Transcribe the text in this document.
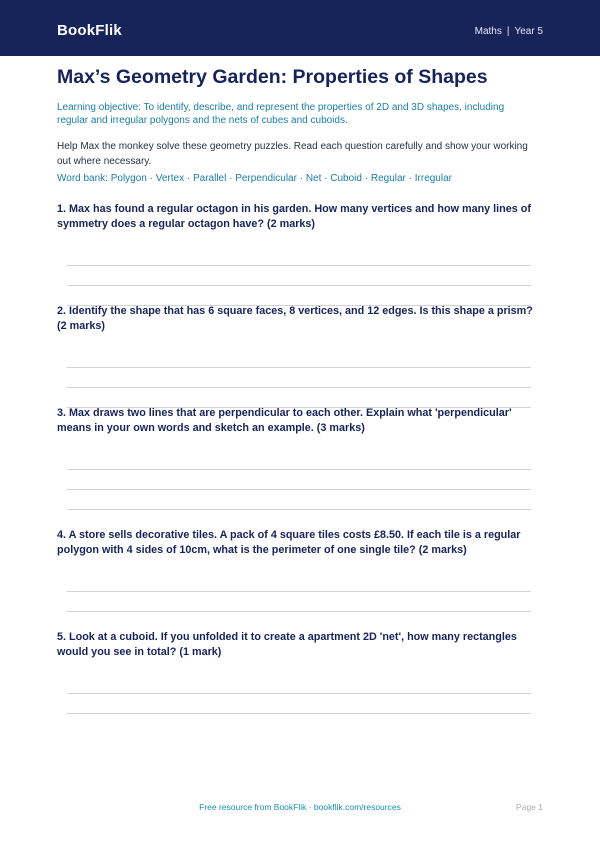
BookFlik	Maths | Year 5
Max’s Geometry Garden: Properties of Shapes

Learning objective: To identify, describe, and represent the properties of 2D and 3D shapes, including regular and irregular polygons and the nets of cubes and cuboids.

Help Max the monkey solve these geometry puzzles. Read each question carefully and show your working out where necessary.

Word bank: Polygon · Vertex · Parallel · Perpendicular · Net · Cuboid · Regular · Irregular

1. Max has found a regular octagon in his garden. How many vertices and how many lines of symmetry does a regular octagon have? (2 marks)

2. Identify the shape that has 6 square faces, 8 vertices, and 12 edges. Is this shape a prism? (2 marks)

3. Max draws two lines that are perpendicular to each other. Explain what 'perpendicular' means in your own words and sketch an example. (3 marks)

4. A store sells decorative tiles. A pack of 4 square tiles costs £8.50. If each tile is a regular polygon with 4 sides of 10cm, what is the perimeter of one single tile? (2 marks)

5. Look at a cuboid. If you unfolded it to create a apartment 2D 'net', how many rectangles would you see in total? (1 mark)

Free resource from BookFlik · bookflik.com/resources	Page 1
